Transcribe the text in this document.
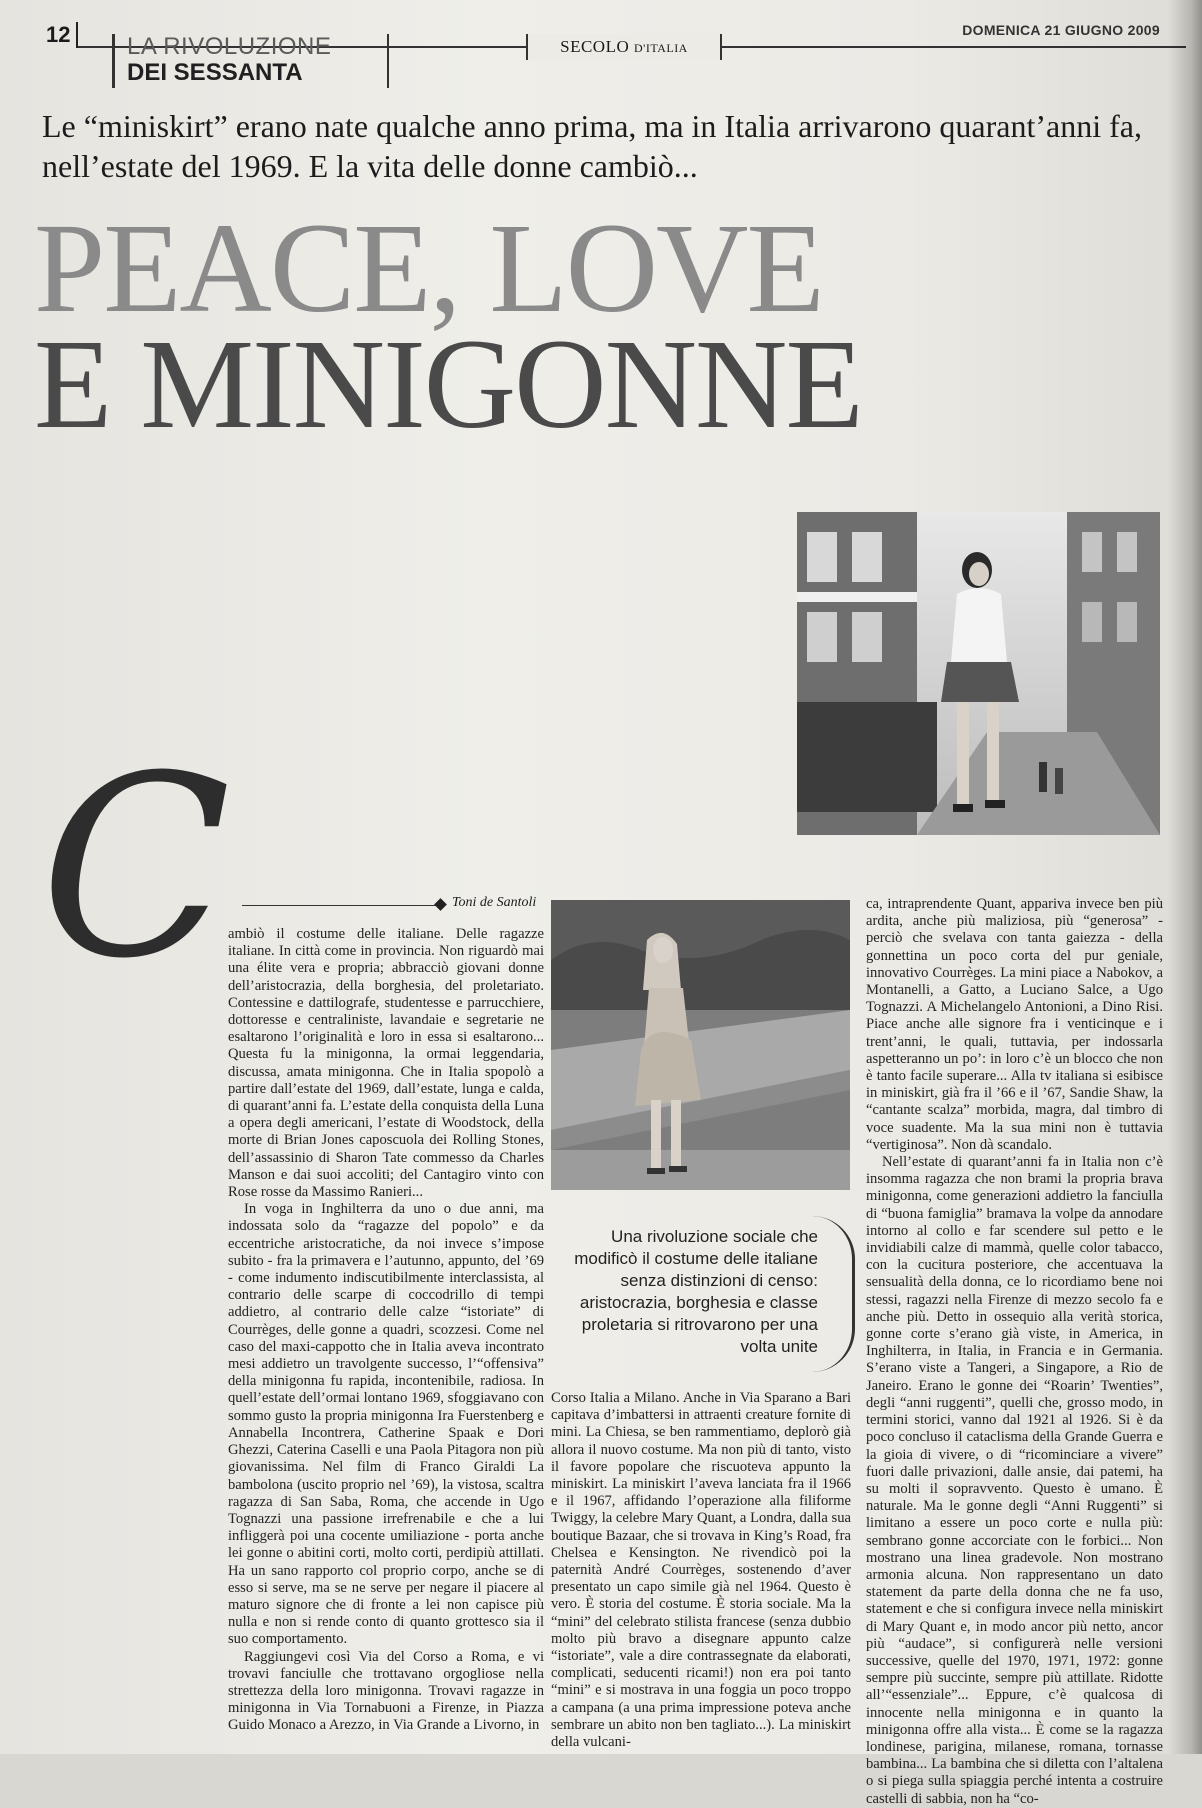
12	LA RIVOLUZIONE
DEI SESSANTA
SECOLO D'ITALIA
DOMENICA 21 GIUGNO 2009
Le “miniskirt” erano nate qualche anno prima, ma in Italia arrivarono quarant’anni fa, nell’estate del 1969. E la vita delle donne cambiò...
PEACE, LOVE
E MINIGONNE
C	Toni de Santoli
Una rivoluzione sociale che modificò il costume delle italiane senza distinzioni di censo: aristocrazia, borghesia e classe proletaria si ritrovarono per una volta unite

ambiò il costume delle italiane. Delle ragazze italiane. In città come in provincia. Non riguardò mai una élite vera e propria; abbracciò giovani donne dell’aristocrazia, della borghesia, del proletariato. Contessine e dattilografe, studentesse e parrucchiere, dottoresse e centraliniste, lavandaie e segretarie ne esaltarono l’originalità e loro in essa si esaltarono... Questa fu la minigonna, la ormai leggendaria, discussa, amata minigonna. Che in Italia spopolò a partire dall’estate del 1969, dall’estate, lunga e calda, di quarant’anni fa. L’estate della conquista della Luna a opera degli americani, l’estate di Woodstock, della morte di Brian Jones caposcuola dei Rolling Stones, dell’assassinio di Sharon Tate commesso da Charles Manson e dai suoi accoliti; del Cantagiro vinto con Rose rosse da Massimo Ranieri...

In voga in Inghilterra da uno o due anni, ma indossata solo da “ragazze del popolo” e da eccentriche aristocratiche, da noi invece s’impose subito - fra la primavera e l’autunno, appunto, del ’69 - come indumento indiscutibilmente interclassista, al contrario delle scarpe di coccodrillo di tempi addietro, al contrario delle calze “istoriate” di Courrèges, delle gonne a quadri, scozzesi. Come nel caso del maxi-cappotto che in Italia aveva incontrato mesi addietro un travolgente successo, l’“offensiva” della minigonna fu rapida, incontenibile, radiosa. In quell’estate dell’ormai lontano 1969, sfoggiavano con sommo gusto la propria minigonna Ira Fuerstenberg e Annabella Incontrera, Catherine Spaak e Dori Ghezzi, Caterina Caselli e una Paola Pitagora non più giovanissima. Nel film di Franco Giraldi La bambolona (uscito proprio nel ’69), la vistosa, scaltra ragazza di San Saba, Roma, che accende in Ugo Tognazzi una passione irrefrenabile e che a lui infliggerà poi una cocente umiliazione - porta anche lei gonne o abitini corti, molto corti, perdipiù attillati. Ha un sano rapporto col proprio corpo, anche se di esso si serve, ma se ne serve per negare il piacere al maturo signore che di fronte a lei non capisce più nulla e non si rende conto di quanto grottesco sia il suo comportamento.

Raggiungevi così Via del Corso a Roma, e vi trovavi fanciulle che trottavano orgogliose nella strettezza della loro minigonna. Trovavi ragazze in minigonna in Via Tornabuoni a Firenze, in Piazza Guido Monaco a Arezzo, in Via Grande a Livorno, in

Corso Italia a Milano. Anche in Via Sparano a Bari capitava d’imbattersi in attraenti creature fornite di mini. La Chiesa, se ben rammentiamo, deplorò già allora il nuovo costume. Ma non più di tanto, visto il favore popolare che riscuoteva appunto la miniskirt. La miniskirt l’aveva lanciata fra il 1966 e il 1967, affidando l’operazione alla filiforme Twiggy, la celebre Mary Quant, a Londra, dalla sua boutique Bazaar, che si trovava in King’s Road, fra Chelsea e Kensington. Ne rivendicò poi la paternità André Courrèges, sostenendo d’aver presentato un capo simile già nel 1964. Questo è vero. È storia del costume. È storia sociale. Ma la “mini” del celebrato stilista francese (senza dubbio molto più bravo a disegnare appunto calze “istoriate”, vale a dire contrassegnate da elaborati, complicati, seducenti ricami!) non era poi tanto “mini” e si mostrava in una foggia un poco troppo a campana (a una prima impressione poteva anche sembrare un abito non ben tagliato...). La miniskirt della vulcani-

ca, intraprendente Quant, appariva invece ben più ardita, anche più maliziosa, più “generosa” - perciò che svelava con tanta gaiezza - della gonnettina un poco corta del pur geniale, innovativo Courrèges. La mini piace a Nabokov, a Montanelli, a Gatto, a Luciano Salce, a Ugo Tognazzi. A Michelangelo Antonioni, a Dino Risi. Piace anche alle signore fra i venticinque e i trent’anni, le quali, tuttavia, per indossarla aspetteranno un po’: in loro c’è un blocco che non è tanto facile superare... Alla tv italiana si esibisce in miniskirt, già fra il ’66 e il ’67, Sandie Shaw, la “cantante scalza” morbida, magra, dal timbro di voce suadente. Ma la sua mini non è tuttavia “vertiginosa”. Non dà scandalo.

Nell’estate di quarant’anni fa in Italia non c’è insomma ragazza che non brami la propria brava minigonna, come generazioni addietro la fanciulla di “buona famiglia” bramava la volpe da annodare intorno al collo e far scendere sul petto e le invidiabili calze di mammà, quelle color tabacco, con la cucitura posteriore, che accentuava la sensualità della donna, ce lo ricordiamo bene noi stessi, ragazzi nella Firenze di mezzo secolo fa e anche più. Detto in ossequio alla verità storica, gonne corte s’erano già viste, in America, in Inghilterra, in Italia, in Francia e in Germania. S’erano viste a Tangeri, a Singapore, a Rio de Janeiro. Erano le gonne dei “Roarin’ Twenties”, degli “anni ruggenti”, quelli che, grosso modo, in termini storici, vanno dal 1921 al 1926. Si è da poco concluso il cataclisma della Grande Guerra e la gioia di vivere, o di “ricominciare a vivere” fuori dalle privazioni, dalle ansie, dai patemi, ha su molti il sopravvento. Questo è umano. È naturale. Ma le gonne degli “Anni Ruggenti” si limitano a essere un poco corte e nulla più: sembrano gonne accorciate con le forbici... Non mostrano una linea gradevole. Non mostrano armonia alcuna. Non rappresentano un dato statement da parte della donna che ne fa uso, statement e che si configura invece nella miniskirt di Mary Quant e, in modo ancor più netto, ancor più “audace”, si configurerà nelle versioni successive, quelle del 1970, 1971, 1972: gonne sempre più succinte, sempre più attillate. Ridotte all’“essenziale”... Eppure, c’è qualcosa di innocente nella minigonna e in quanto la minigonna offre alla vista... È come se la ragazza londinese, parigina, milanese, romana, tornasse bambina... La bambina che si diletta con l’altalena o si piega sulla spiaggia perché intenta a costruire castelli di sabbia, non ha “co-
